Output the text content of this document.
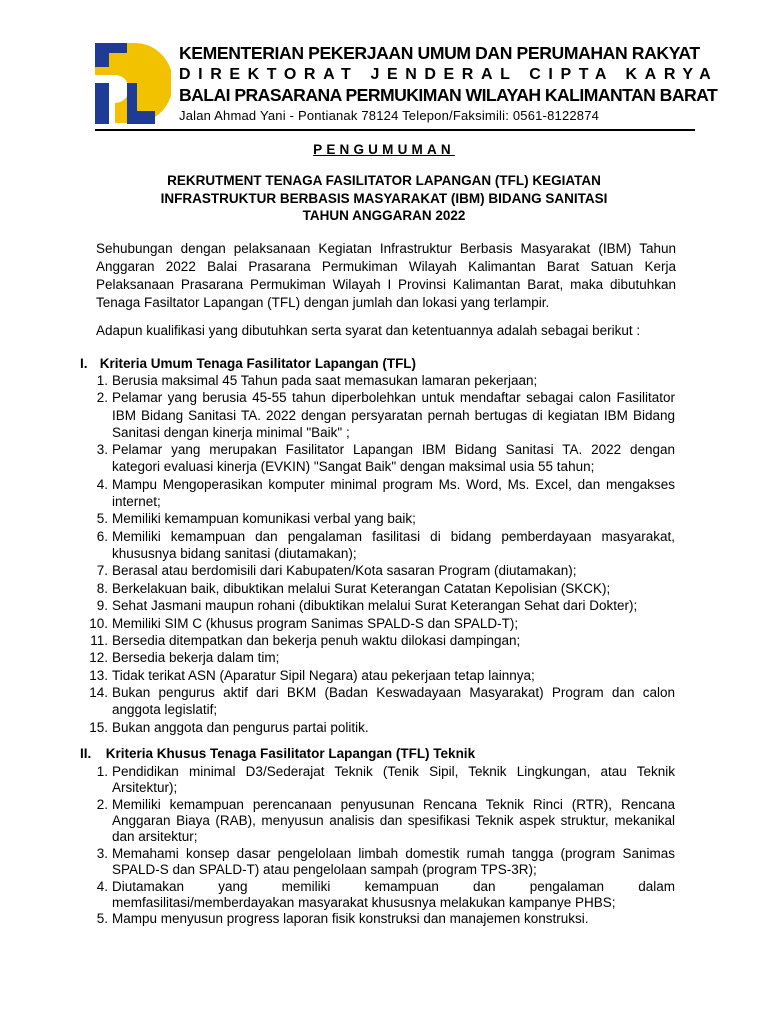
KEMENTERIAN PEKERJAAN UMUM DAN PERUMAHAN RAKYAT
DIREKTORAT JENDERAL CIPTA KARYA
BALAI PRASARANA PERMUKIMAN WILAYAH KALIMANTAN BARAT
Jalan Ahmad Yani - Pontianak 78124 Telepon/Faksimili: 0561-8122874
PENGUMUMAN
REKRUTMENT TENAGA FASILITATOR LAPANGAN (TFL) KEGIATAN
INFRASTRUKTUR BERBASIS MASYARAKAT (IBM) BIDANG SANITASI
TAHUN ANGGARAN 2022
Sehubungan dengan pelaksanaan Kegiatan Infrastruktur Berbasis Masyarakat (IBM) Tahun Anggaran 2022 Balai Prasarana Permukiman Wilayah Kalimantan Barat Satuan Kerja Pelaksanaan Prasarana Permukiman Wilayah I Provinsi Kalimantan Barat, maka dibutuhkan Tenaga Fasiltator Lapangan (TFL) dengan jumlah dan lokasi yang terlampir.
Adapun kualifikasi yang dibutuhkan serta syarat dan ketentuannya adalah sebagai berikut :
I. Kriteria Umum Tenaga Fasilitator Lapangan (TFL)
1. Berusia maksimal 45 Tahun pada saat memasukan lamaran pekerjaan;
2. Pelamar yang berusia 45-55 tahun diperbolehkan untuk mendaftar sebagai calon Fasilitator IBM Bidang Sanitasi TA. 2022 dengan persyaratan pernah bertugas di kegiatan IBM Bidang Sanitasi dengan kinerja minimal "Baik" ;
3. Pelamar yang merupakan Fasilitator Lapangan IBM Bidang Sanitasi TA. 2022 dengan kategori evaluasi kinerja (EVKIN) "Sangat Baik" dengan maksimal usia 55 tahun;
4. Mampu Mengoperasikan komputer minimal program Ms. Word, Ms. Excel, dan mengakses internet;
5. Memiliki kemampuan komunikasi verbal yang baik;
6. Memiliki kemampuan dan pengalaman fasilitasi di bidang pemberdayaan masyarakat, khususnya bidang sanitasi (diutamakan);
7. Berasal atau berdomisili dari Kabupaten/Kota sasaran Program (diutamakan);
8. Berkelakuan baik, dibuktikan melalui Surat Keterangan Catatan Kepolisian (SKCK);
9. Sehat Jasmani maupun rohani (dibuktikan melalui Surat Keterangan Sehat dari Dokter);
10. Memiliki SIM C (khusus program Sanimas SPALD-S dan SPALD-T);
11. Bersedia ditempatkan dan bekerja penuh waktu dilokasi dampingan;
12. Bersedia bekerja dalam tim;
13. Tidak terikat ASN (Aparatur Sipil Negara) atau pekerjaan tetap lainnya;
14. Bukan pengurus aktif dari BKM (Badan Keswadayaan Masyarakat) Program dan calon anggota legislatif;
15. Bukan anggota dan pengurus partai politik.
II. Kriteria Khusus Tenaga Fasilitator Lapangan (TFL) Teknik
1. Pendidikan minimal D3/Sederajat Teknik (Tenik Sipil, Teknik Lingkungan, atau Teknik Arsitektur);
2. Memiliki kemampuan perencanaan penyusunan Rencana Teknik Rinci (RTR), Rencana Anggaran Biaya (RAB), menyusun analisis dan spesifikasi Teknik aspek struktur, mekanikal dan arsitektur;
3. Memahami konsep dasar pengelolaan limbah domestik rumah tangga (program Sanimas SPALD-S dan SPALD-T) atau pengelolaan sampah (program TPS-3R);
4. Diutamakan yang memiliki kemampuan dan pengalaman dalam memfasilitasi/memberdayakan masyarakat khususnya melakukan kampanye PHBS;
5. Mampu menyusun progress laporan fisik konstruksi dan manajemen konstruksi.
